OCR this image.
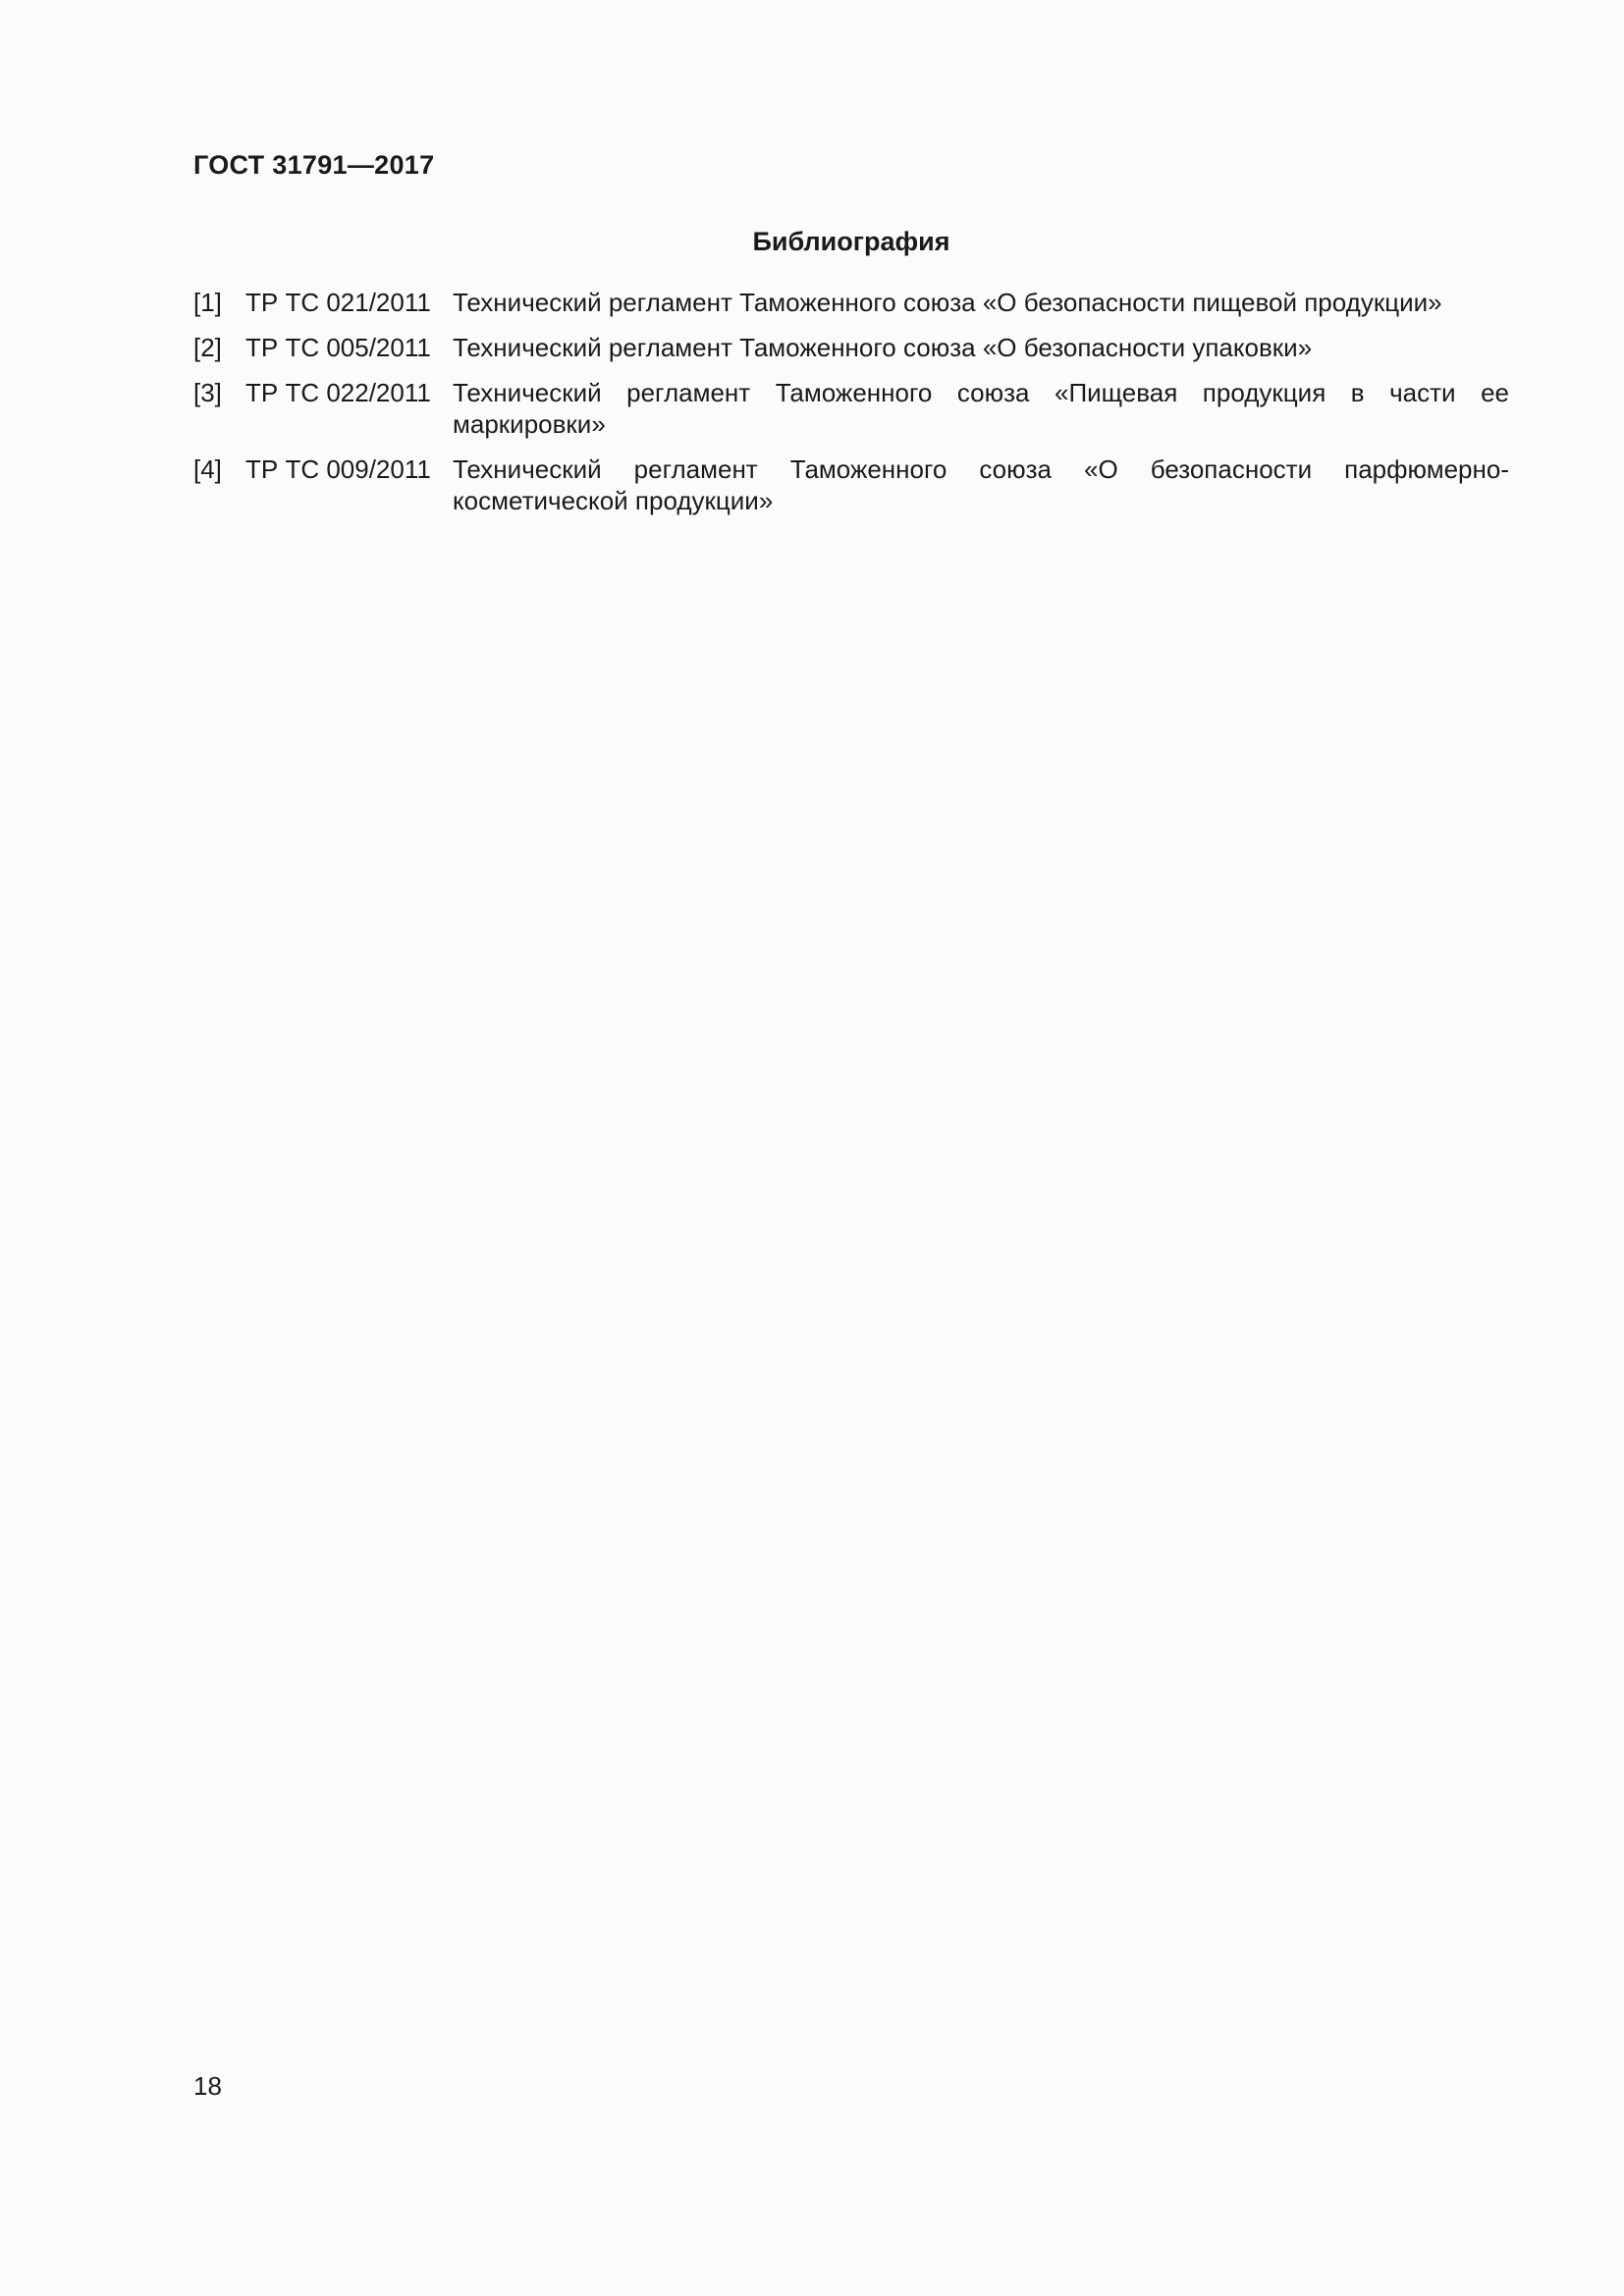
ГОСТ 31791—2017
Библиография
[1] ТР ТС 021/2011 Технический регламент Таможенного союза «О безопасности пищевой продукции»
[2] ТР ТС 005/2011 Технический регламент Таможенного союза «О безопасности упаковки»
[3] ТР ТС 022/2011 Технический регламент Таможенного союза «Пищевая продукция в части ее маркировки»
[4] ТР ТС 009/2011 Технический регламент Таможенного союза «О безопасности парфюмерно-косметической продукции»
18
